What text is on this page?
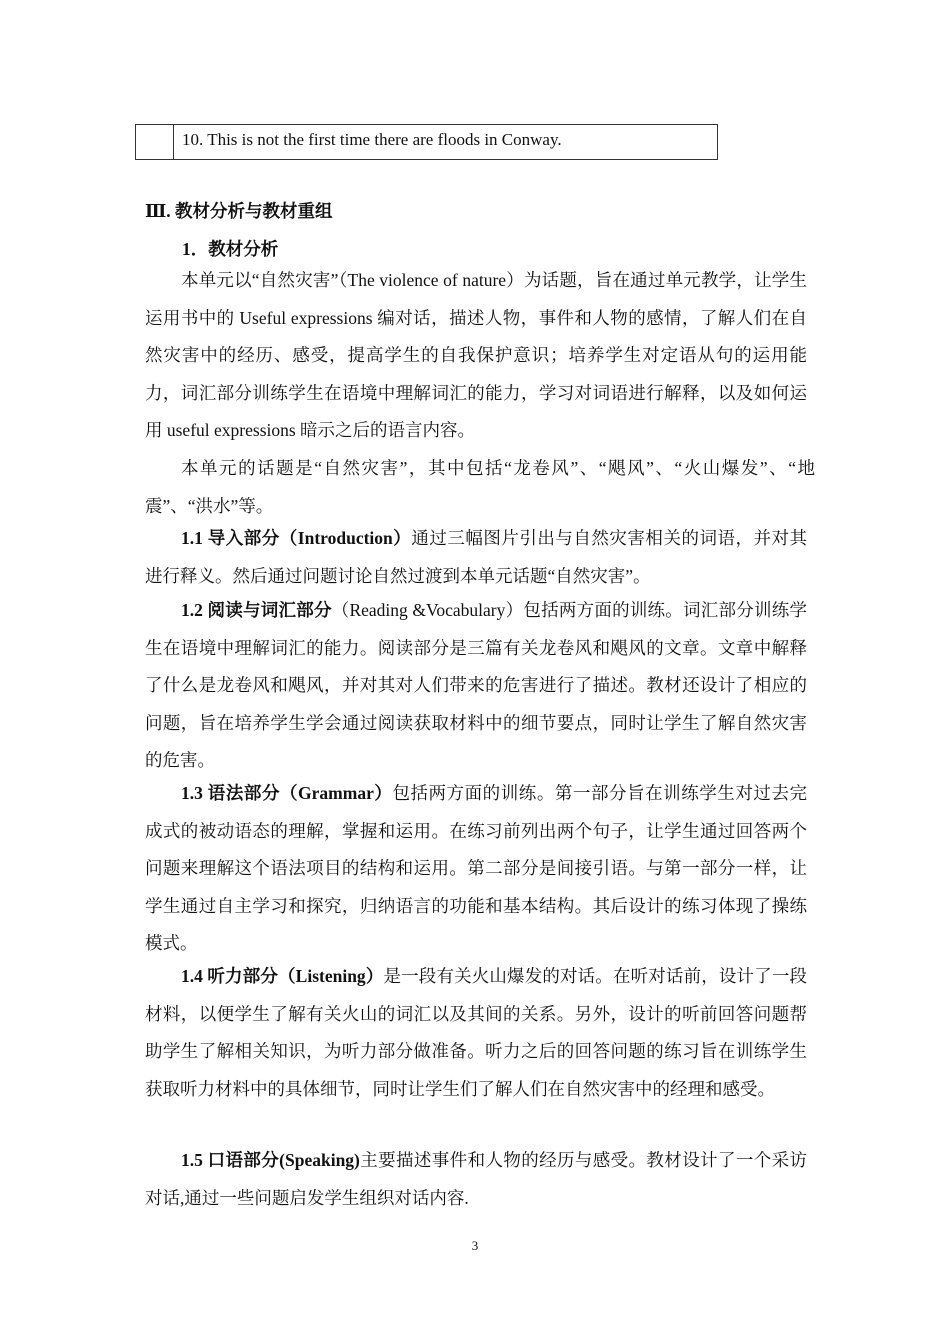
10. This is not the first time there are floods in Conway.
Ⅲ. 教材分析与教材重组
1．教材分析

本单元以“自然灾害”（The violence of nature）为话题，旨在通过单元教学，让学生运用书中的 Useful expressions 编对话，描述人物，事件和人物的感情，了解人们在自然灾害中的经历、感受，提高学生的自我保护意识；培养学生对定语从句的运用能力，词汇部分训练学生在语境中理解词汇的能力，学习对词语进行解释，以及如何运用 useful expressions 暗示之后的语言内容。

本单元的话题是“自然灾害”，其中包括“龙卷风”、“飓风”、“火山爆发”、“地震”、“洪水”等。

1.1 导入部分（Introduction）通过三幅图片引出与自然灾害相关的词语，并对其进行释义。然后通过问题讨论自然过渡到本单元话题“自然灾害”。

1.2 阅读与词汇部分（Reading &Vocabulary）包括两方面的训练。词汇部分训练学生在语境中理解词汇的能力。阅读部分是三篇有关龙卷风和飓风的文章。文章中解释了什么是龙卷风和飓风，并对其对人们带来的危害进行了描述。教材还设计了相应的问题，旨在培养学生学会通过阅读获取材料中的细节要点，同时让学生了解自然灾害的危害。

1.3 语法部分（Grammar）包括两方面的训练。第一部分旨在训练学生对过去完成式的被动语态的理解，掌握和运用。在练习前列出两个句子，让学生通过回答两个问题来理解这个语法项目的结构和运用。第二部分是间接引语。与第一部分一样，让学生通过自主学习和探究，归纳语言的功能和基本结构。其后设计的练习体现了操练模式。

1.4 听力部分（Listening）是一段有关火山爆发的对话。在听对话前，设计了一段材料，以便学生了解有关火山的词汇以及其间的关系。另外，设计的听前回答问题帮助学生了解相关知识，为听力部分做准备。听力之后的回答问题的练习旨在训练学生获取听力材料中的具体细节，同时让学生们了解人们在自然灾害中的经理和感受。

1.5 口语部分(Speaking)主要描述事件和人物的经历与感受。教材设计了一个采访对话,通过一些问题启发学生组织对话内容.

3
